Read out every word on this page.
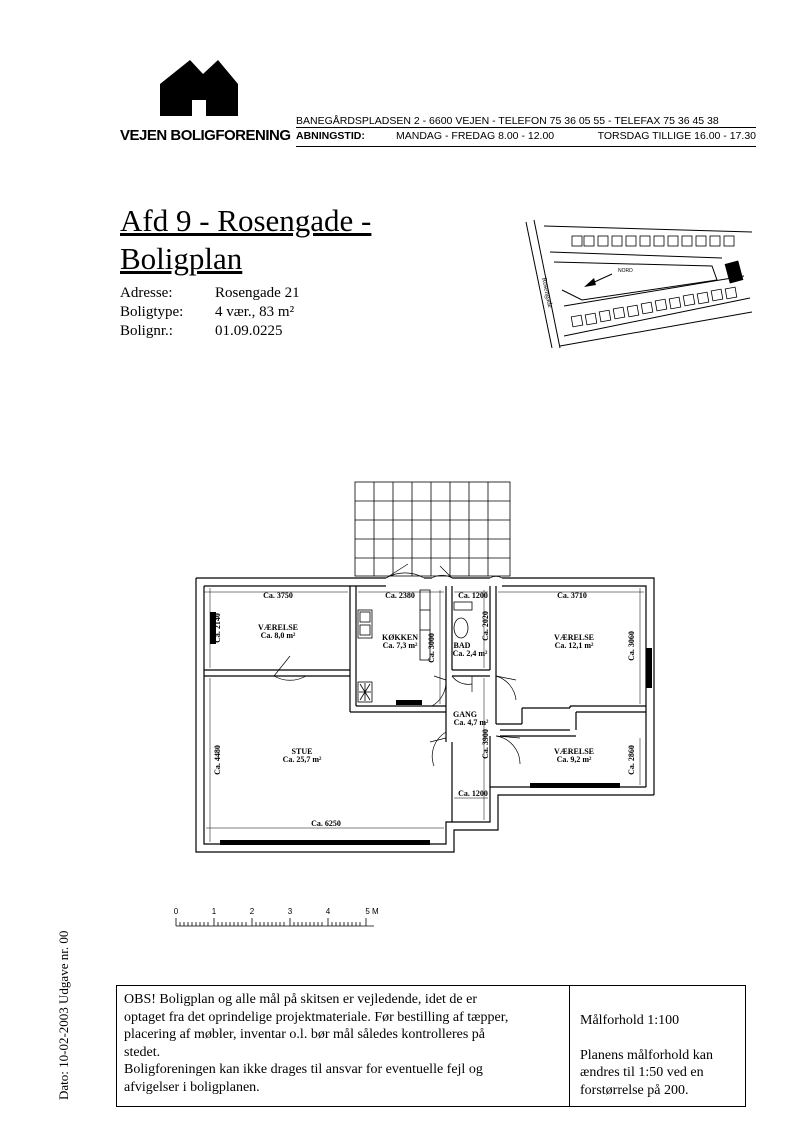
VEJEN BOLIGFORENING
BANEGÅRDSPLADSEN 2 - 6600 VEJEN - TELEFON 75 36 05 55 - TELEFAX 75 36 45 38
ABNINGSTID:	MANDAG - FREDAG 8.00 - 12.00	TORSDAG TILLIGE 16.00 - 17.30
Afd 9 - Rosengade -
Boligplan
Adresse:	Rosengade 21
Boligtype:	4 vær., 83 m²
Bolignr.:	01.09.0225
NORD
Rosengade
VÆRELSE
Ca. 8,0 m²	KØKKEN
Ca. 7,3 m²	BAD
Ca. 2,4 m²
VÆRELSE
Ca. 12,1 m²
GANG
Ca. 4,7 m²
STUE
Ca. 25,7 m²
VÆRELSE
Ca. 9,2 m²
Ca. 3750	Ca. 2380	Ca. 1200	Ca. 3710
Ca. 1200
Ca. 6250
Ca. 2140
Ca. 4480
Ca. 2020
Ca. 3000	Ca. 3060
Ca. 3900
Ca. 2860
0	1	2	3	4	5 M
Dato: 10-02-2003 Udgave nr. 00	OBS! Boligplan og alle mål på skitsen er vejledende, idet de er

optaget fra det oprindelige projektmateriale. Før bestilling af tæpper,

placering af møbler, inventar o.l. bør mål således kontrolleres på

stedet.

Boligforeningen kan ikke drages til ansvar for eventuelle fejl og

afvigelser i boligplanen.

Målforhold 1:100

Planens målforhold kan

ændres til 1:50 ved en

forstørrelse på 200.
